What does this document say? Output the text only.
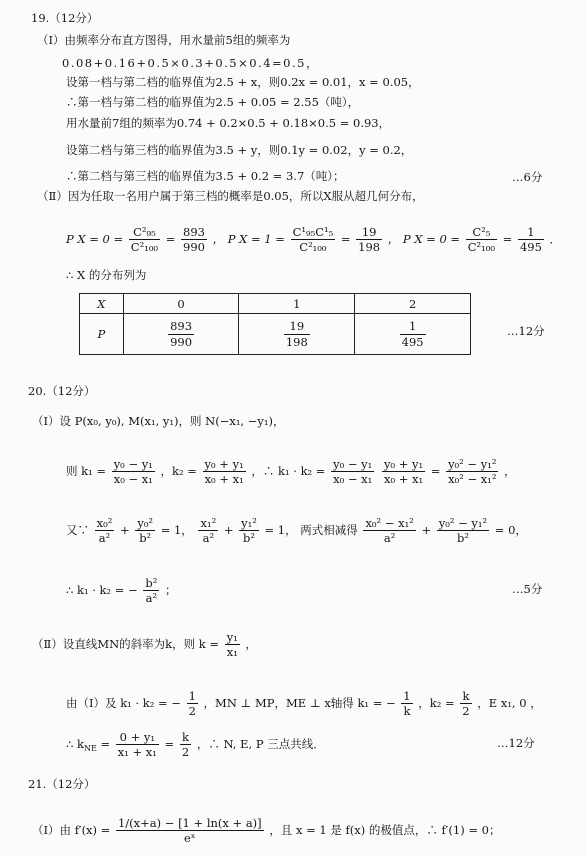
19.（12分）
（Ⅰ）由频率分布直方图得，用水量前5组的频率为
0.08+0.16+0.5×0.3+0.5×0.4=0.5，
设第一档与第二档的临界值为2.5 + x，则0.2x = 0.01，x = 0.05，
∴第一档与第二档的临界值为2.5 + 0.05 = 2.55（吨），
用水量前7组的频率为0.74 + 0.2×0.5 + 0.18×0.5 = 0.93，
设第二档与第三档的临界值为3.5 + y，则0.1y = 0.02，y = 0.2，
∴第二档与第三档的临界值为3.5 + 0.2 = 3.7（吨）；	…6分
（Ⅱ）因为任取一名用户属于第三档的概率是0.05，所以X服从超几何分布，
P $X = 0 = \frac{\text{C²₉₅}}{\text{C²₁₀₀}} = \frac{893}{990}$ ， P $X = 1 = \frac{\text{C¹₉₅C¹₅}}{\text{C²₁₀₀}} = \frac{19}{198}$ ， P $X = 0 = \frac{\text{C²₅}}{\text{C²₁₀₀}} = \frac{1}{495}$ ．
∴ X 的分布列为
X	0	1	2
P	$\frac{893}{990}$	$\frac{19}{198}$	$\frac{1}{495}$	…12分
20.（12分）
（Ⅰ）设 P(x₀, y₀), M(x₁, y₁)，则 N(−x₁, −y₁)，
则 $k_1 = \frac{\text{y₀ − y₁}}{\text{x₀ − x₁}}$ ，$k_2 = \frac{\text{y₀ + y₁}}{\text{x₀ + x₁}}$ ，∴ $k_1 \cdot k_2 = \frac{\text{y₀ − y₁}}{\text{x₀ − x₁}}$
$\frac{\text{y₀ + y₁}}{\text{x₀ + x₁}} = \frac{\text{y₀² − y₁²}}{\text{x₀² − x₁²}}$ ，
又∵ $\frac{\text{x₀²}}{\text{a²}} + \frac{\text{y₀²}}{\text{b²}} = 1$， $\frac{\text{x₁²}}{\text{a²}} + \frac{\text{y₁²}}{\text{b²}} = 1$， 两式相减得 $\frac{\text{x₀² − x₁²}}{\text{a²}} + \frac{\text{y₀² − y₁²}}{\text{b²}} = 0$，
∴ k₁ · k₂ = − $\frac{\text{b²}}{\text{a²}}$ ；	…5分
（Ⅱ）设直线MN的斜率为k，则 $k = \frac{\text{y₁}}{\text{x₁}}$ ，
由（Ⅰ）及 k₁ · k₂ = − $\frac{1}{2}$ ，MN ⊥ MP，ME ⊥ x轴得 k₁ = − $\frac{1}{k}$ ，$k_2 = \frac{k}{2}$ ，E x₁, 0 ，
∴ $k_{NE} = \frac{\text{0 + y₁}}{\text{x₁ + x₁}} = \frac{k}{2}$ ，∴ N, E, P 三点共线．	…12分
21.（12分）
（Ⅰ）由 $f'(x) = \frac{1/(x+a) - [1 + \ln(x + a)]}{\text{eˣ}}$ ，且 x = 1 是 f(x) 的极值点，∴ f′(1) = 0；
